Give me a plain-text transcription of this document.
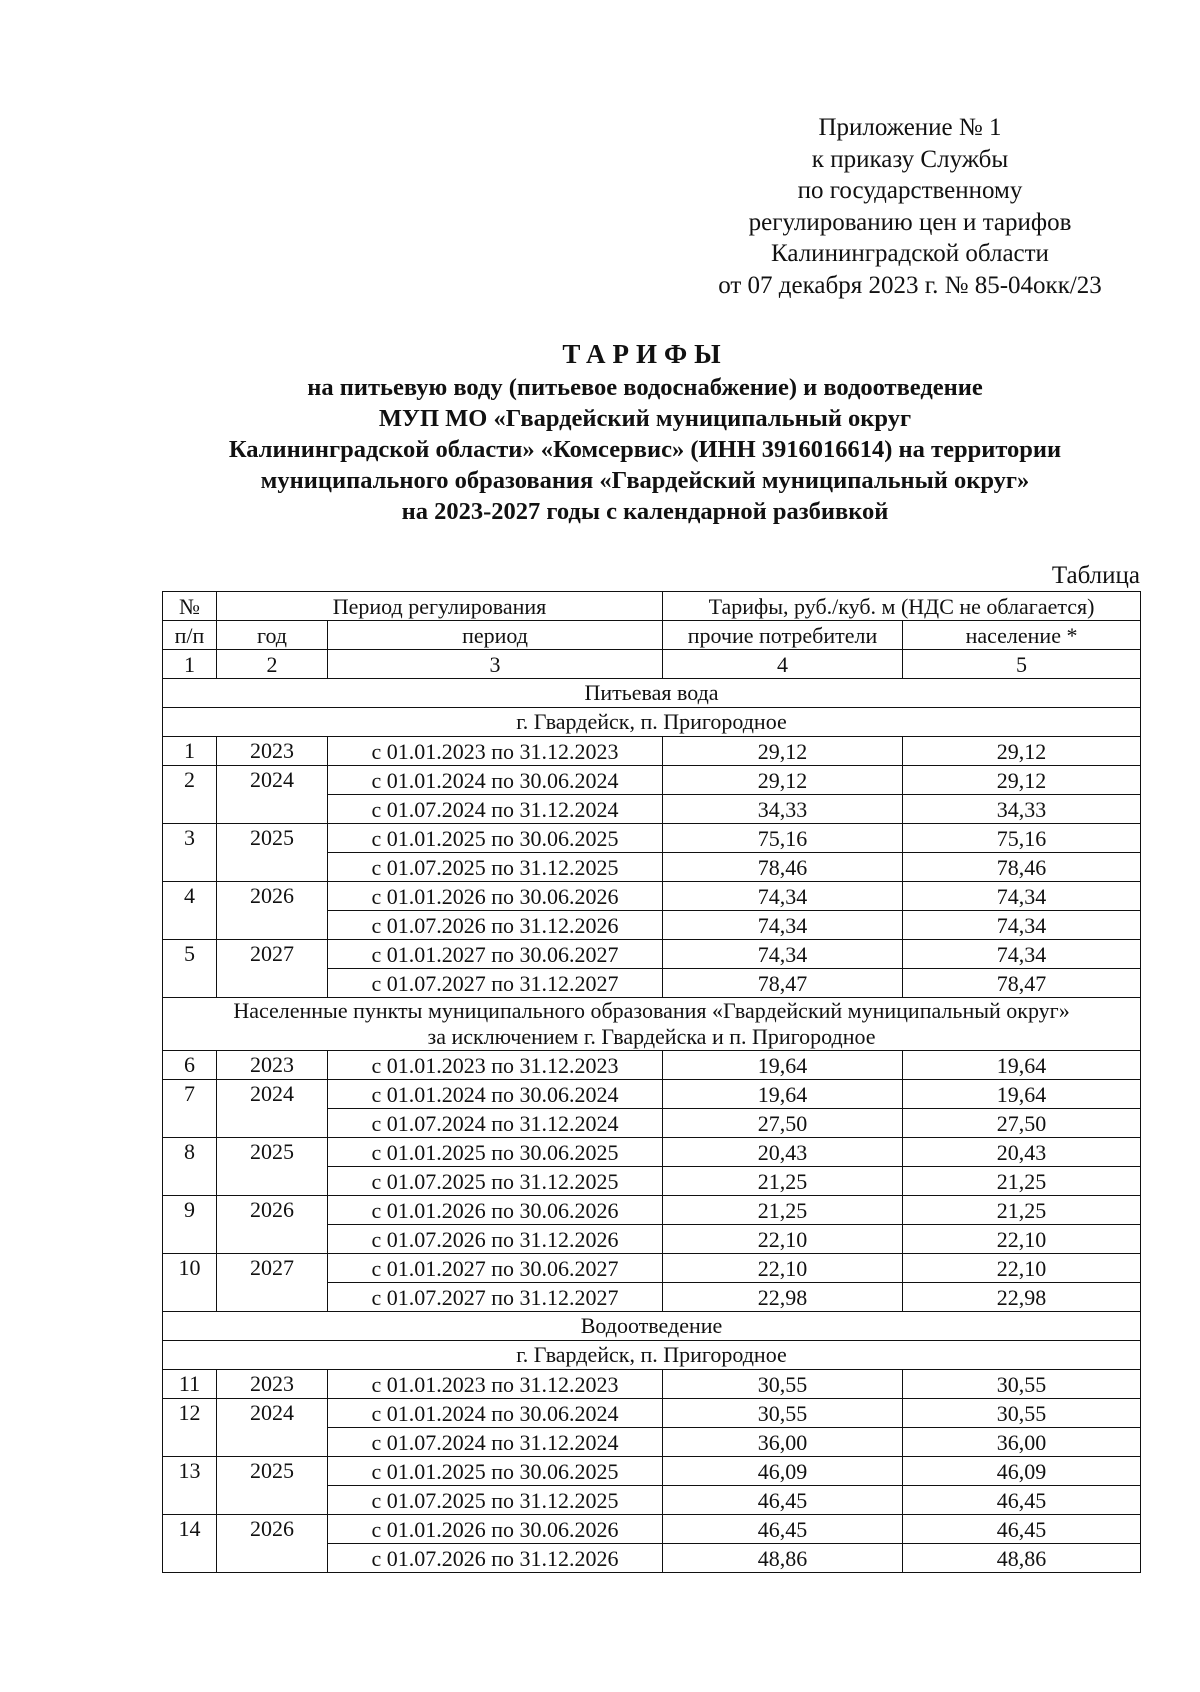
Приложение № 1
к приказу Службы
по государственному
регулированию цен и тарифов
Калининградской области
от 07 декабря 2023 г. № 85-04окк/23
ТАРИФЫ
на питьевую воду (питьевое водоснабжение) и водоотведение
МУП МО «Гвардейский муниципальный округ
Калининградской области» «Комсервис» (ИНН 3916016614) на территории
муниципального образования «Гвардейский муниципальный округ»
на 2023-2027 годы с календарной разбивкой
Таблица
№	Период регулирования		Тарифы, руб./куб. м (НДС не облагается)	
п/п	год	период	прочие потребители	население *
1	2	3	4	5
Питьевая вода				

г. Гвардейск, п. Пригородное				

1	2023	с 01.01.2023 по 31.12.2023	29,12	29,12
2	2024	с 01.01.2024 по 30.06.2024	29,12	29,12
		с 01.07.2024 по 31.12.2024	34,33	34,33
3	2025	с 01.01.2025 по 30.06.2025	75,16	75,16
		с 01.07.2025 по 31.12.2025	78,46	78,46
4	2026	с 01.01.2026 по 30.06.2026	74,34	74,34
		с 01.07.2026 по 31.12.2026	74,34	74,34
5	2027	с 01.01.2027 по 30.06.2027	74,34	74,34
		с 01.07.2027 по 31.12.2027	78,47	78,47

Населенные пункты муниципального образования «Гвардейский муниципальный округ»
за исключением г. Гвардейска и п. Пригородное				

6	2023	с 01.01.2023 по 31.12.2023	19,64	19,64
7	2024	с 01.01.2024 по 30.06.2024	19,64	19,64
		с 01.07.2024 по 31.12.2024	27,50	27,50
8	2025	с 01.01.2025 по 30.06.2025	20,43	20,43
		с 01.07.2025 по 31.12.2025	21,25	21,25
9	2026	с 01.01.2026 по 30.06.2026	21,25	21,25
		с 01.07.2026 по 31.12.2026	22,10	22,10
10	2027	с 01.01.2027 по 30.06.2027	22,10	22,10
		с 01.07.2027 по 31.12.2027	22,98	22,98
Водоотведение				

г. Гвардейск, п. Пригородное				

11	2023	с 01.01.2023 по 31.12.2023	30,55	30,55
12	2024	с 01.01.2024 по 30.06.2024	30,55	30,55
		с 01.07.2024 по 31.12.2024	36,00	36,00
13	2025	с 01.01.2025 по 30.06.2025	46,09	46,09
		с 01.07.2025 по 31.12.2025	46,45	46,45
14	2026	с 01.01.2026 по 30.06.2026	46,45	46,45
		с 01.07.2026 по 31.12.2026	48,86	48,86
